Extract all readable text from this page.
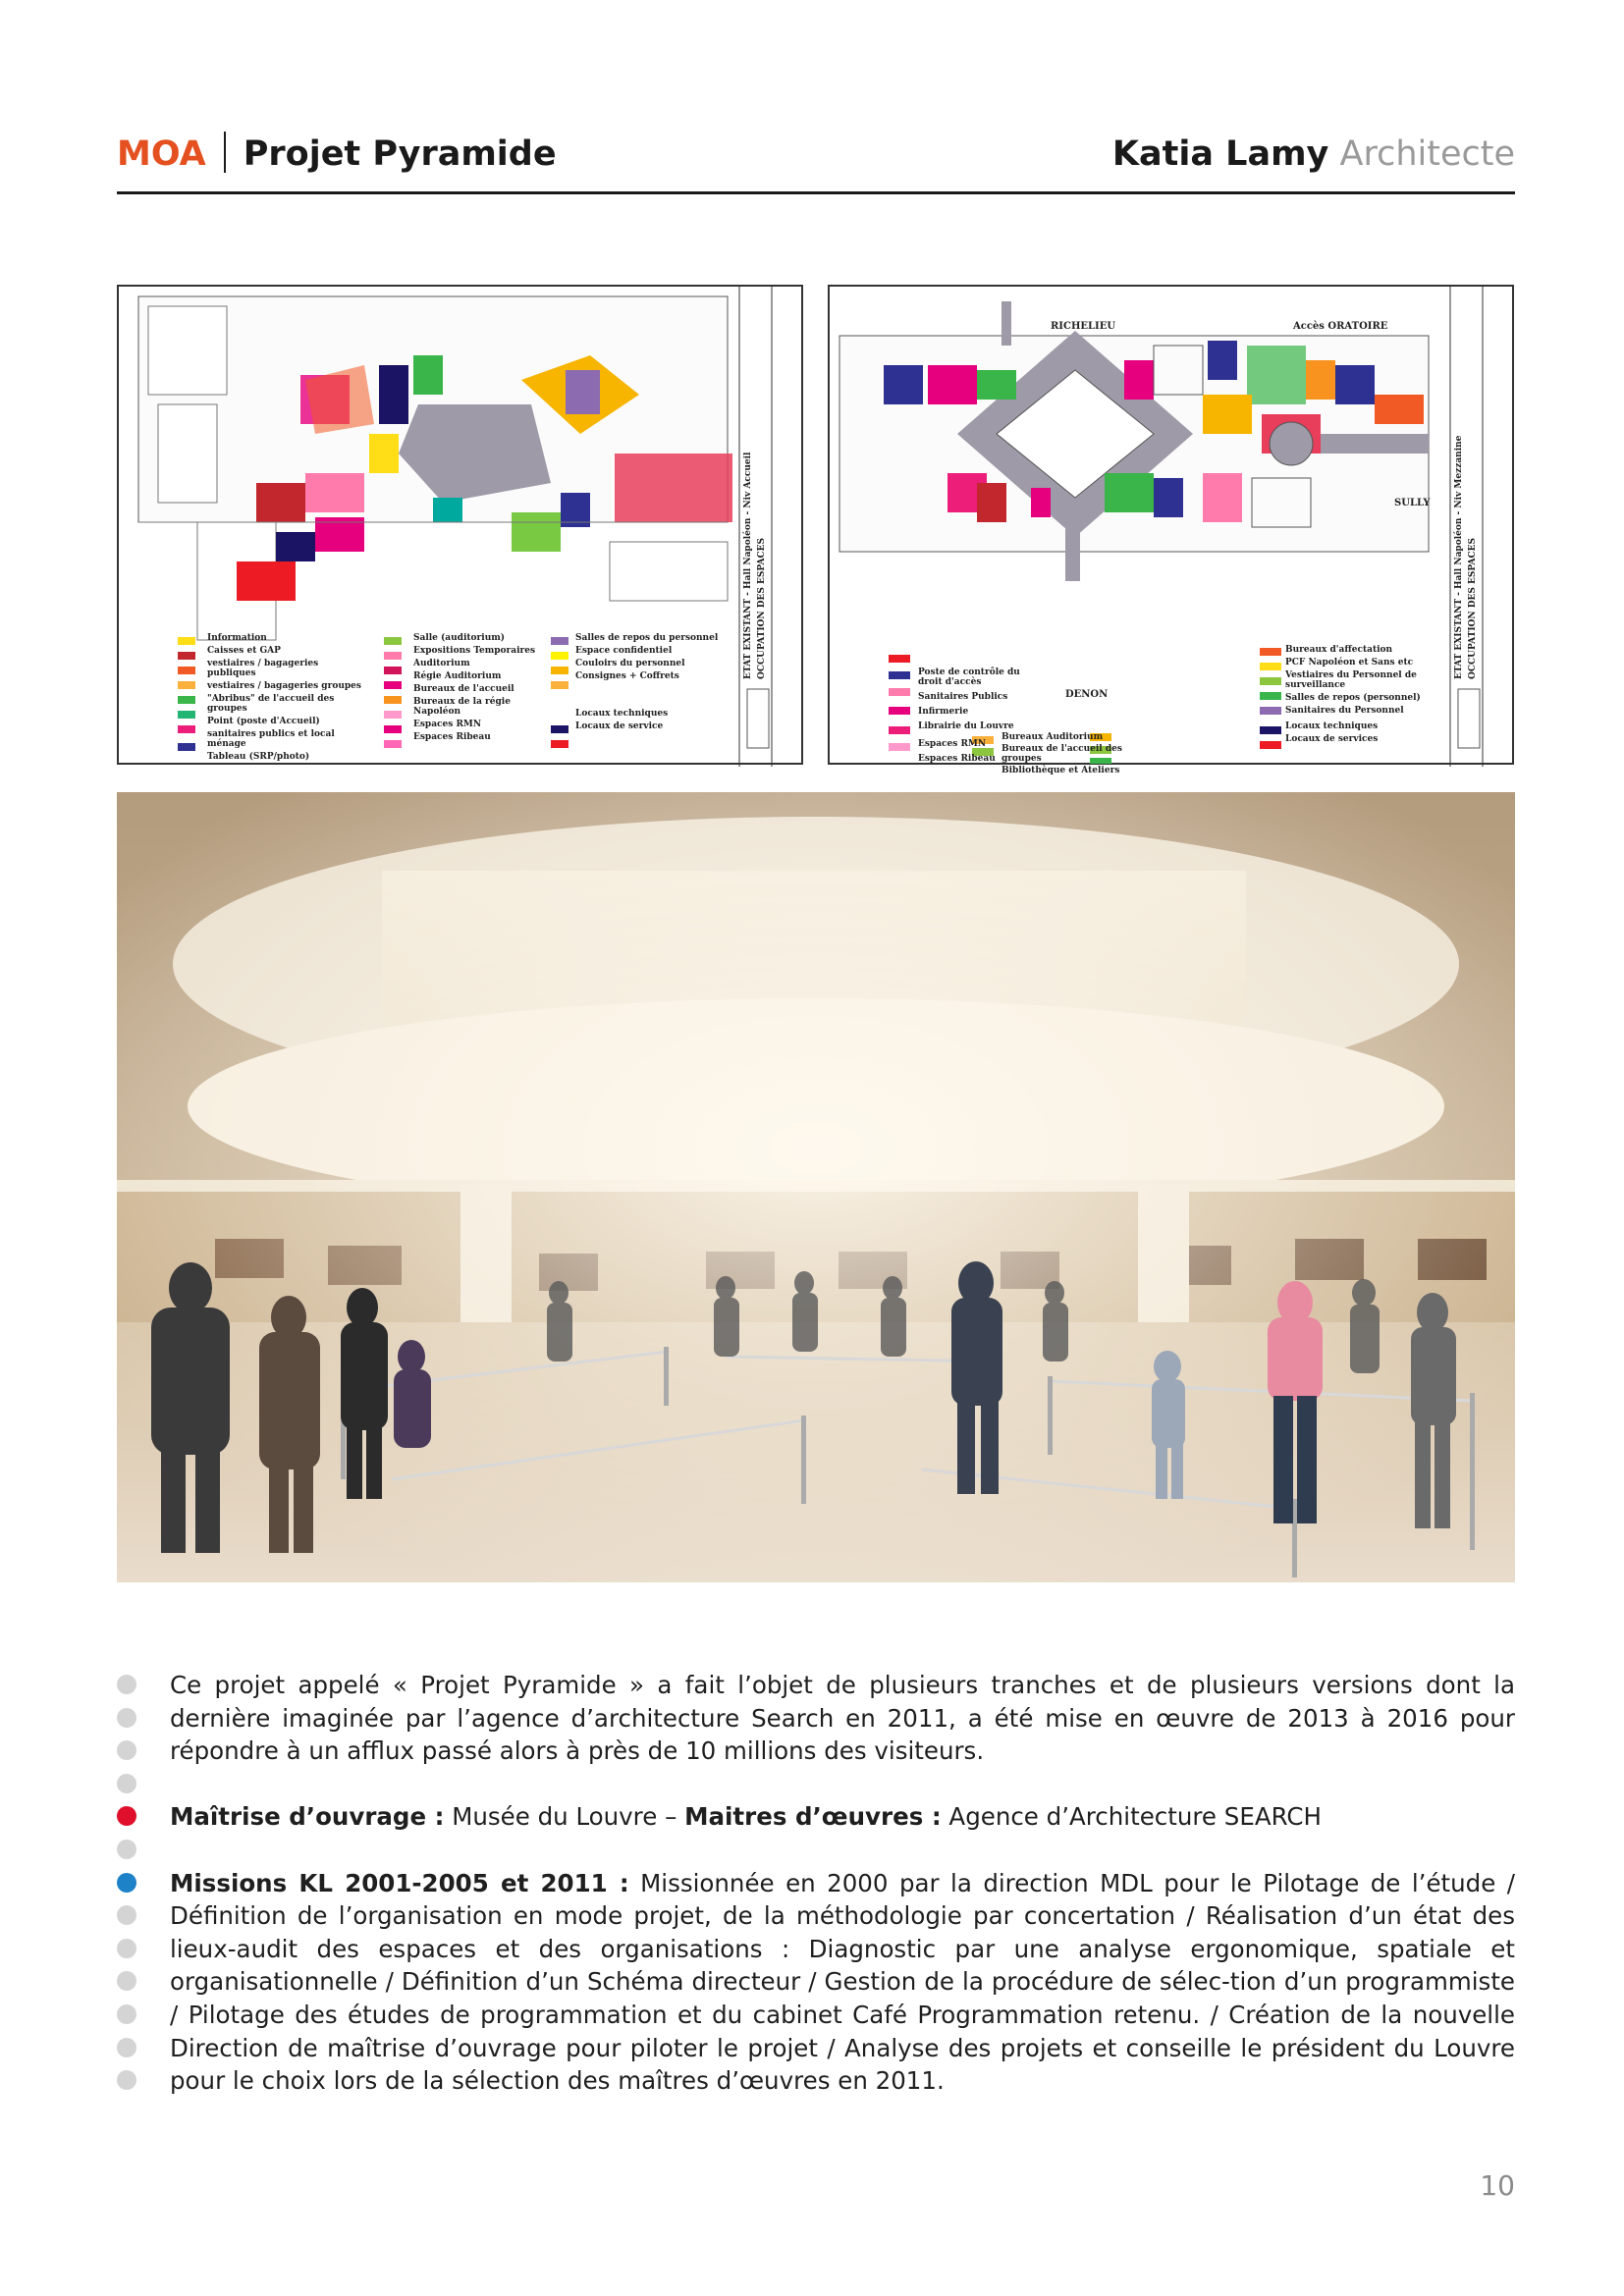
MOA Projet Pyramide	Katia Lamy Architecte
Information
Caisses et GAP
vestiaires / bagageries publiques
vestiaires / bagageries groupes
"Abribus" de l'accueil des groupes
Point (poste d'Accueil)
sanitaires publics et local ménage
Tableau (SRP/photo)
Salle (auditorium)
Expositions Temporaires
Auditorium
Régie Auditorium
Bureaux de l'accueil
Bureaux de la régie Napoléon
Espaces RMN
Espaces Ribeau
Salles de repos du personnel
Espace confidentiel
Couloirs du personnel
Consignes + Coffrets
Locaux techniques
Locaux de service
ETAT EXISTANT - Hall Napoléon - Niv Accueil OCCUPATION DES ESPACES
RICHELIEU	Accès ORATOIRE
SULLY
DENON
Poste de contrôle du droit d'accès
Sanitaires Publics
Infirmerie
Librairie du Louvre
Espaces RMN
Espaces Ribeau
Bureaux Auditorium
Bureaux de l'accueil des groupes
Bibliothèque et Ateliers
Bureaux d'affectation
PCF Napoléon et Sans etc
Vestiaires du Personnel de surveillance
Salles de repos (personnel)
Sanitaires du Personnel
Locaux techniques
Locaux de services
ETAT EXISTANT - Hall Napoléon - Niv Mezzanine OCCUPATION DES ESPACES

Ce projet appelé « Projet Pyramide » a fait l’objet de plusieurs tranches et de plusieurs versions dont la dernière imaginée par l’agence d’architecture Search en 2011, a été mise en œuvre de 2013 à 2016 pour répondre à un afflux passé alors à près de 10 millions des visiteurs.

Maîtrise d’ouvrage : Musée du Louvre – Maitres d’œuvres : Agence d’Architecture SEARCH

Missions KL 2001-2005 et 2011 : Missionnée en 2000 par la direction MDL pour le Pilotage de l’étude / Définition de l’organisation en mode projet, de la méthodologie par concertation / Réalisation d’un état des lieux-audit des espaces et des organisations : Diagnostic par une analyse ergonomique, spatiale et organisationnelle / Définition d’un Schéma directeur / Gestion de la procédure de sélec-tion d’un programmiste / Pilotage des études de programmation et du cabinet Café Programmation retenu. / Création de la nouvelle Direction de maîtrise d’ouvrage pour piloter le projet / Analyse des projets et conseille le président du Louvre pour le choix lors de la sélection des maîtres d’œuvres en 2011.

10
